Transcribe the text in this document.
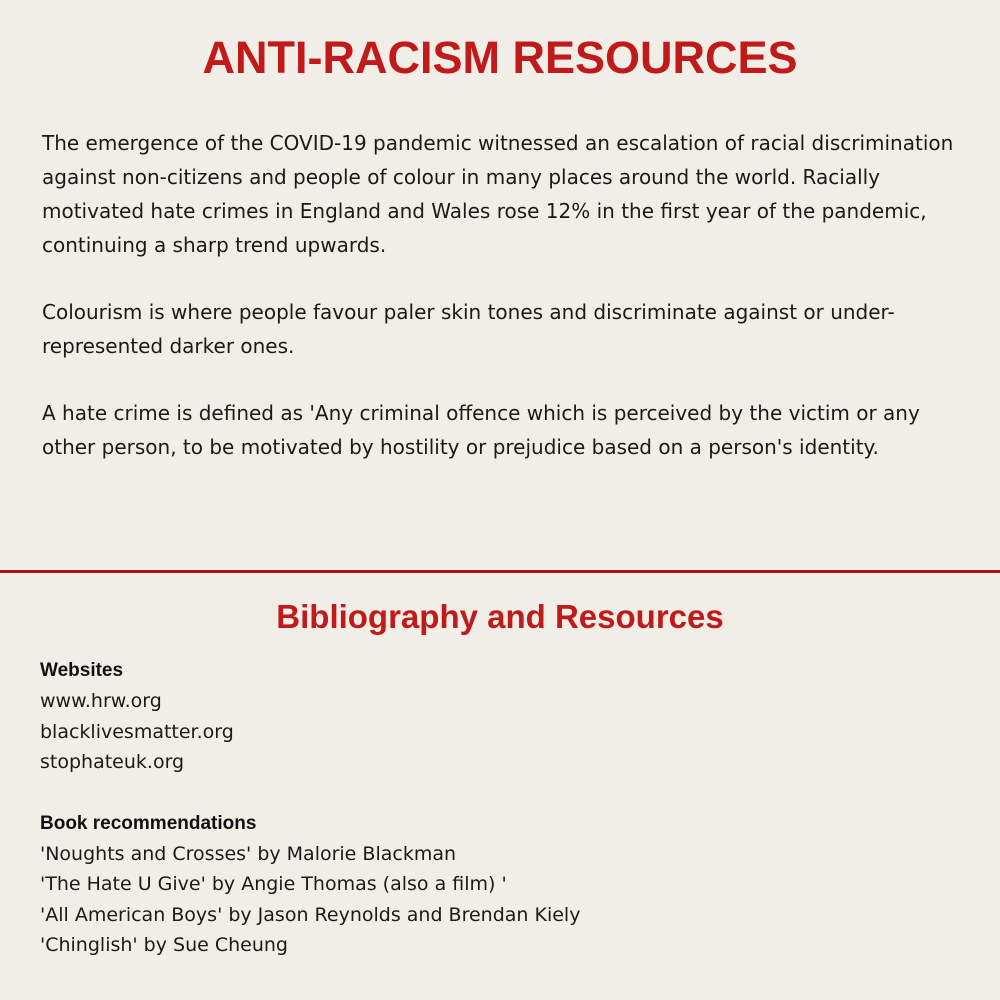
ANTI-RACISM RESOURCES

The emergence of the COVID-19 pandemic witnessed an escalation of racial discrimination against non-citizens and people of colour in many places around the world. Racially motivated hate crimes in England and Wales rose 12% in the first year of the pandemic, continuing a sharp trend upwards.

Colourism is where people favour paler skin tones and discriminate against or under-represented darker ones.

A hate crime is defined as 'Any criminal offence which is perceived by the victim or any other person, to be motivated by hostility or prejudice based on a person's identity.

Bibliography and Resources
Websites
www.hrw.org
blacklivesmatter.org
stophateuk.org
Book recommendations
'Noughts and Crosses' by Malorie Blackman
'The Hate U Give' by Angie Thomas (also a film) '
'All American Boys' by Jason Reynolds and Brendan Kiely
'Chinglish' by Sue Cheung
